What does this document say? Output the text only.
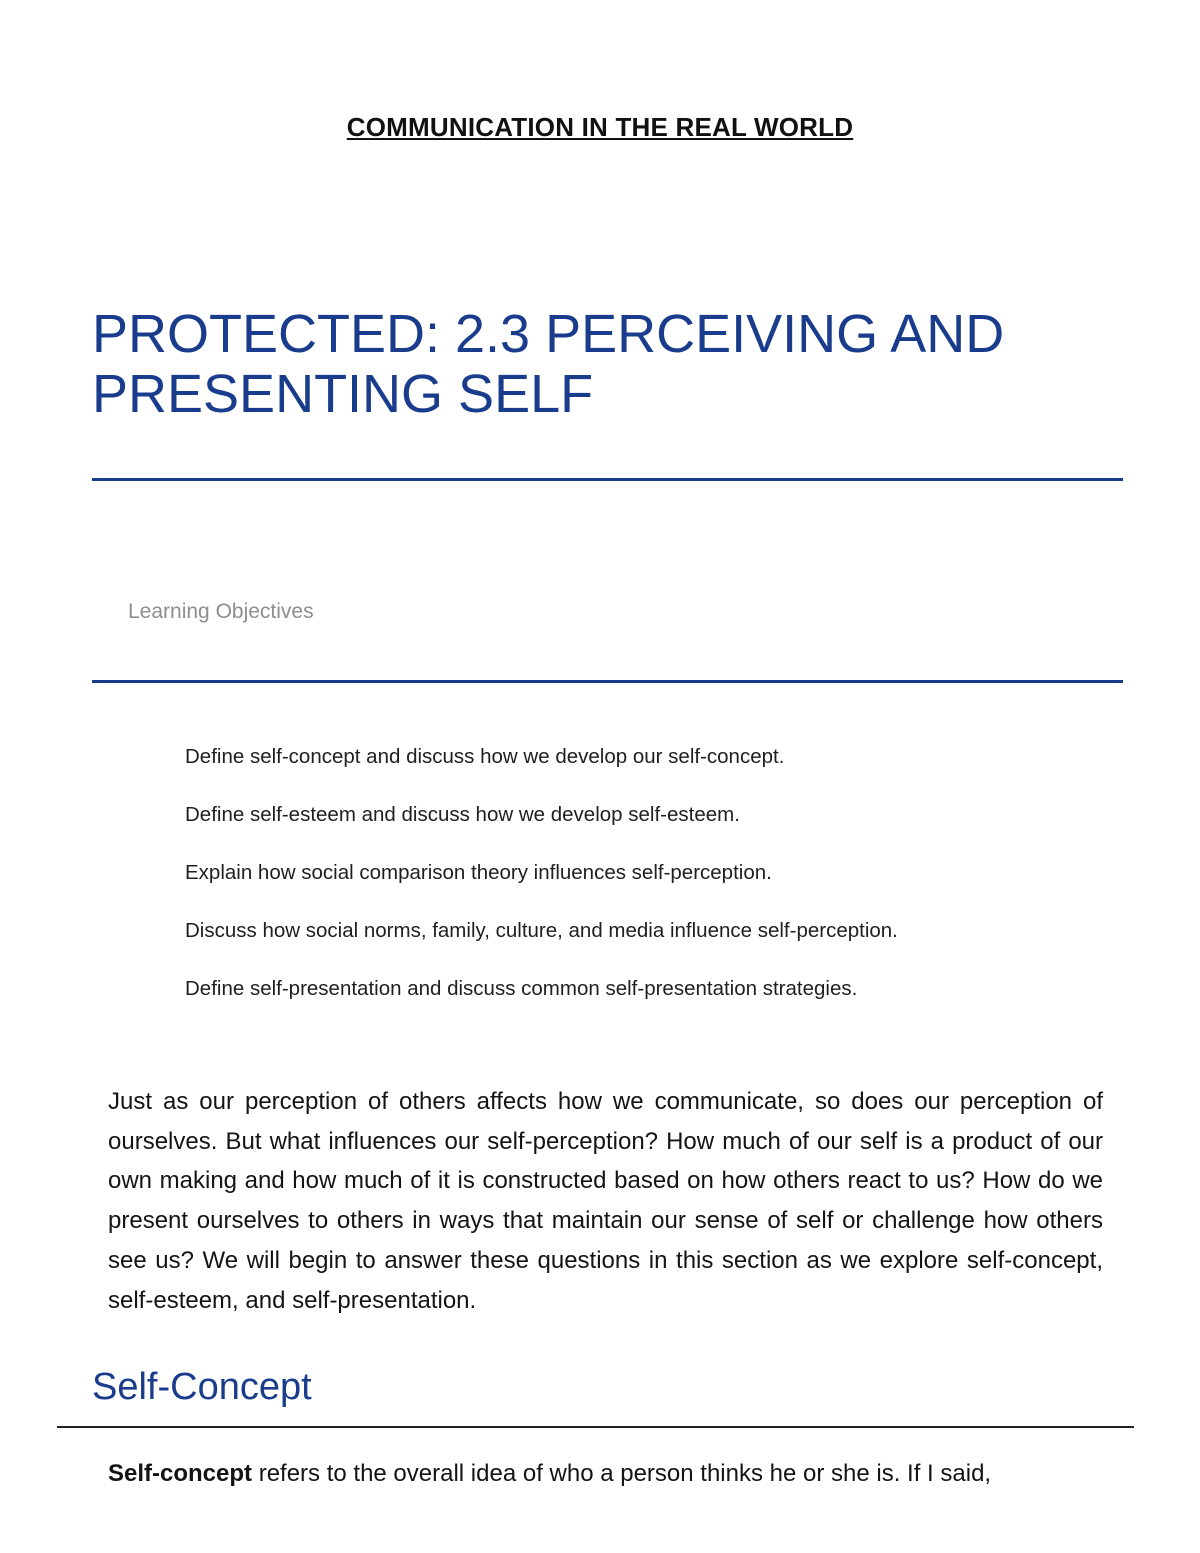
COMMUNICATION IN THE REAL WORLD
PROTECTED: 2.3 PERCEIVING AND PRESENTING SELF
Learning Objectives
Define self-concept and discuss how we develop our self-concept.
Define self-esteem and discuss how we develop self-esteem.
Explain how social comparison theory influences self-perception.
Discuss how social norms, family, culture, and media influence self-perception.
Define self-presentation and discuss common self-presentation strategies.

Just as our perception of others affects how we communicate, so does our perception of ourselves. But what influences our self-perception? How much of our self is a product of our own making and how much of it is constructed based on how others react to us? How do we present ourselves to others in ways that maintain our sense of self or challenge how others see us? We will begin to answer these questions in this section as we explore self-concept, self-esteem, and self-presentation.

Self-Concept

Self-concept refers to the overall idea of who a person thinks he or she is. If I said,
